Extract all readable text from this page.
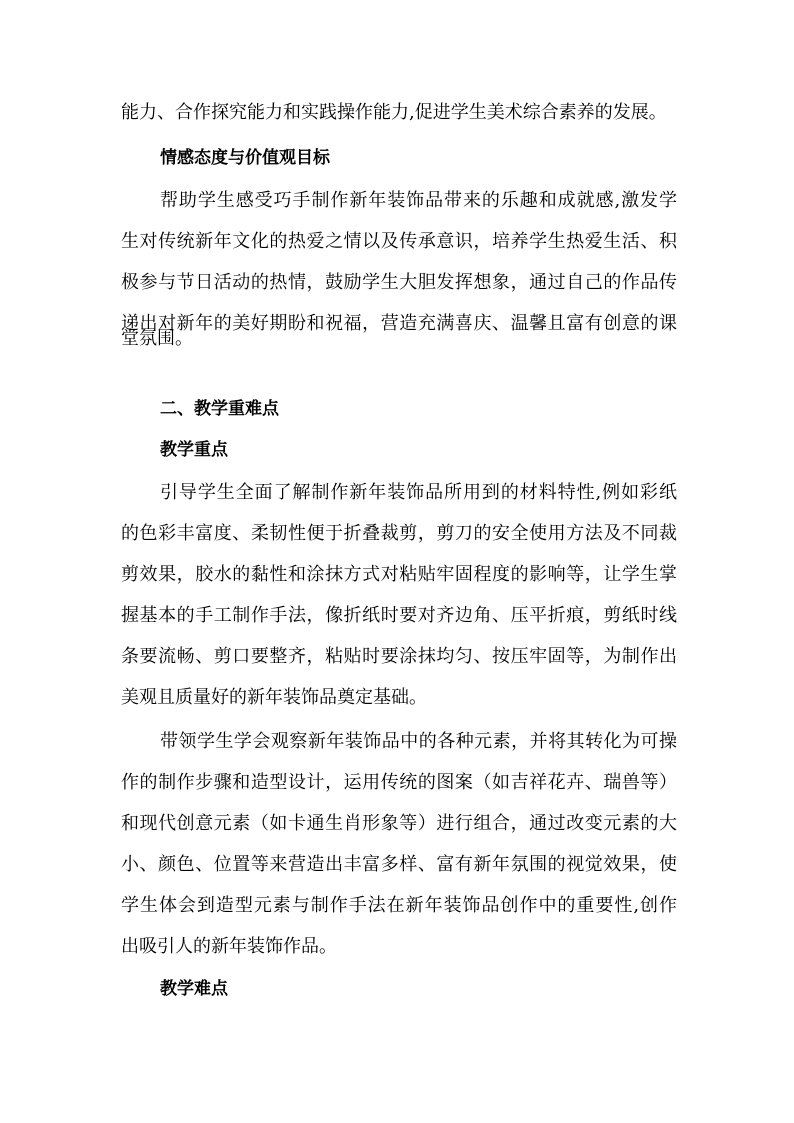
能力、合作探究能力和实践操作能力,促进学生美术综合素养的发展。
情感态度与价值观目标
帮助学生感受巧手制作新年装饰品带来的乐趣和成就感,激发学
生对传统新年文化的热爱之情以及传承意识，培养学生热爱生活、积
极参与节日活动的热情，鼓励学生大胆发挥想象，通过自己的作品传
递出对新年的美好期盼和祝福，营造充满喜庆、温馨且富有创意的课
堂氛围。
二、教学重难点
教学重点
引导学生全面了解制作新年装饰品所用到的材料特性,例如彩纸
的色彩丰富度、柔韧性便于折叠裁剪，剪刀的安全使用方法及不同裁
剪效果，胶水的黏性和涂抹方式对粘贴牢固程度的影响等，让学生掌
握基本的手工制作手法，像折纸时要对齐边角、压平折痕，剪纸时线
条要流畅、剪口要整齐，粘贴时要涂抹均匀、按压牢固等，为制作出
美观且质量好的新年装饰品奠定基础。
带领学生学会观察新年装饰品中的各种元素，并将其转化为可操
作的制作步骤和造型设计，运用传统的图案（如吉祥花卉、瑞兽等）
和现代创意元素（如卡通生肖形象等）进行组合，通过改变元素的大
小、颜色、位置等来营造出丰富多样、富有新年氛围的视觉效果，使
学生体会到造型元素与制作手法在新年装饰品创作中的重要性,创作
出吸引人的新年装饰作品。
教学难点
